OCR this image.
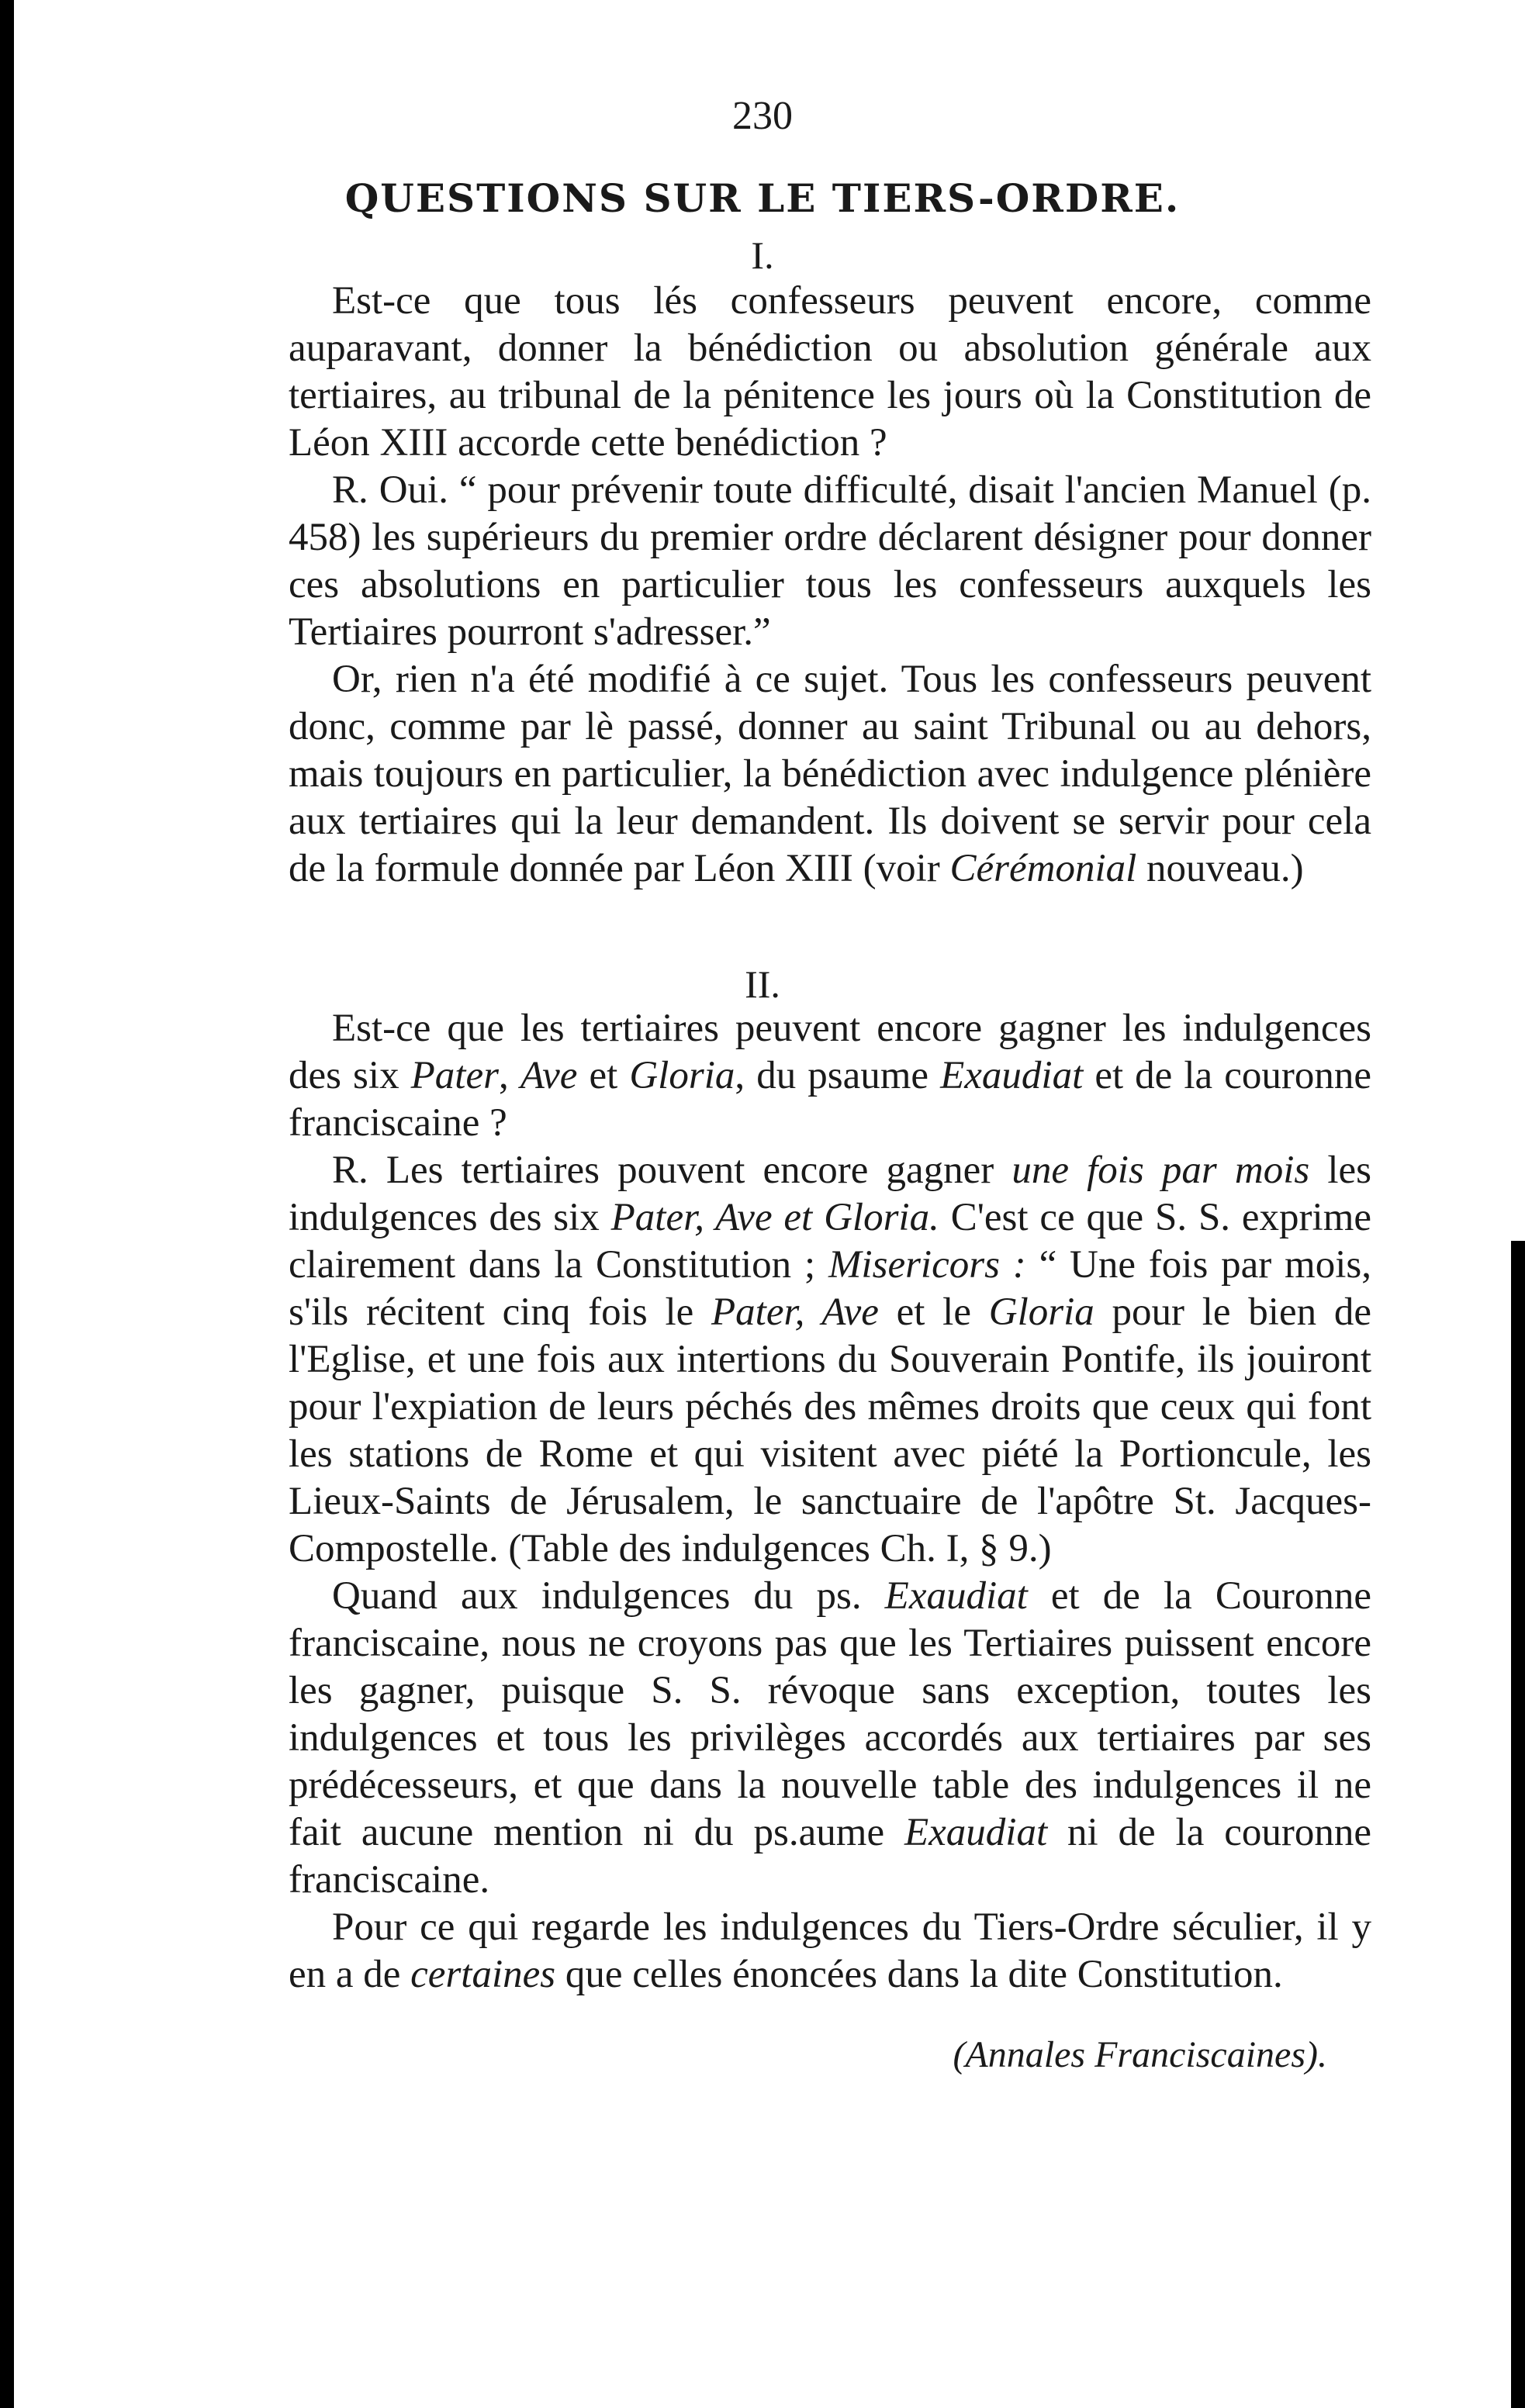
230
QUESTIONS SUR LE TIERS-ORDRE.
I.

Est-ce que tous lés confesseurs peuvent encore, comme auparavant, donner la bénédiction ou absolution générale aux tertiaires, au tribunal de la pénitence les jours où la Constitution de Léon XIII accorde cette benédiction ?

R. Oui. “ pour prévenir toute difficulté, disait l'ancien Manuel (p. 458) les supérieurs du premier ordre déclarent désigner pour donner ces absolutions en particulier tous les confesseurs auxquels les Tertiaires pourront s'adresser.”

Or, rien n'a été modifié à ce sujet. Tous les confesseurs peuvent donc, comme par lè passé, donner au saint Tribunal ou au dehors, mais toujours en particulier, la bénédiction avec indulgence plénière aux tertiaires qui la leur demandent. Ils doivent se servir pour cela de la formule donnée par Léon XIII (voir Cérémonial nouveau.)

II.

Est-ce que les tertiaires peuvent encore gagner les indulgences des six Pater, Ave et Gloria, du psaume Exaudiat et de la couronne franciscaine ?

R. Les tertiaires pouvent encore gagner une fois par mois les indulgences des six Pater, Ave et Gloria. C'est ce que S. S. exprime clairement dans la Constitution ; Misericors : “ Une fois par mois, s'ils récitent cinq fois le Pater, Ave et le Gloria pour le bien de l'Eglise, et une fois aux intertions du Souverain Pontife, ils jouiront pour l'expiation de leurs péchés des mêmes droits que ceux qui font les stations de Rome et qui visitent avec piété la Portioncule, les Lieux-Saints de Jérusalem, le sanctuaire de l'apôtre St. Jacques-Compostelle. (Table des indulgences Ch. I, § 9.)

Quand aux indulgences du ps. Exaudiat et de la Couronne franciscaine, nous ne croyons pas que les Tertiaires puissent encore les gagner, puisque S. S. révoque sans exception, toutes les indulgences et tous les privilèges accordés aux tertiaires par ses prédécesseurs, et que dans la nouvelle table des indulgences il ne fait aucune mention ni du ps.aume Exaudiat ni de la couronne franciscaine.

Pour ce qui regarde les indulgences du Tiers-Ordre séculier, il y en a de certaines que celles énoncées dans la dite Constitution.

(Annales Franciscaines).
